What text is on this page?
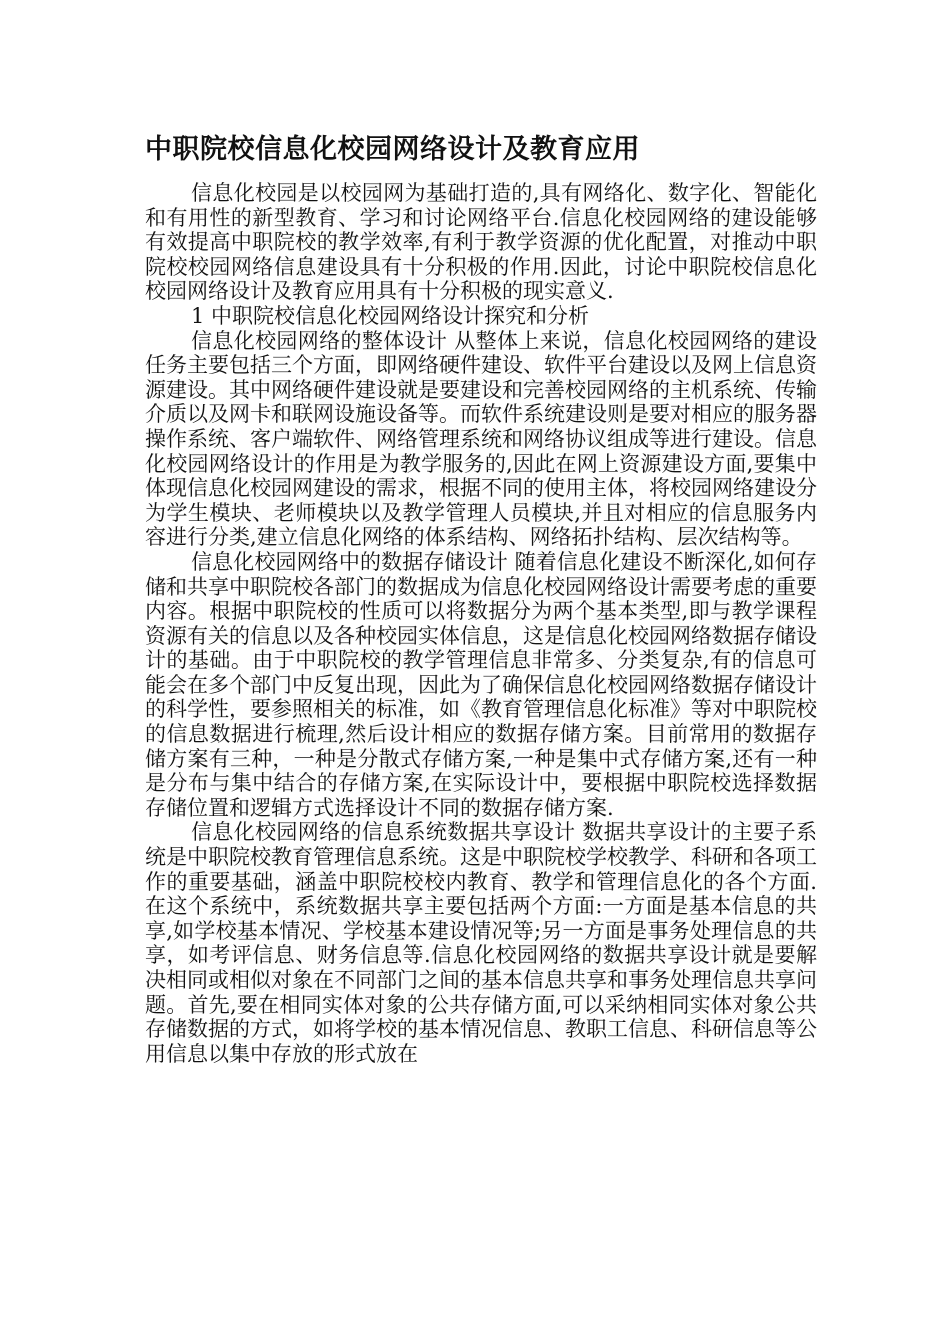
中职院校信息化校园网络设计及教育应用

信息化校园是以校园网为基础打造的,具有网络化、数字化、智能化和有用性的新型教育、学习和讨论网络平台.信息化校园网络的建设能够有效提高中职院校的教学效率,有利于教学资源的优化配置，对推动中职院校校园网络信息建设具有十分积极的作用.因此，讨论中职院校信息化校园网络设计及教育应用具有十分积极的现实意义.

1 中职院校信息化校园网络设计探究和分析

信息化校园网络的整体设计 从整体上来说，信息化校园网络的建设任务主要包括三个方面，即网络硬件建设、软件平台建设以及网上信息资源建设。其中网络硬件建设就是要建设和完善校园网络的主机系统、传输介质以及网卡和联网设施设备等。而软件系统建设则是要对相应的服务器操作系统、客户端软件、网络管理系统和网络协议组成等进行建设。信息化校园网络设计的作用是为教学服务的,因此在网上资源建设方面,要集中体现信息化校园网建设的需求，根据不同的使用主体，将校园网络建设分为学生模块、老师模块以及教学管理人员模块,并且对相应的信息服务内容进行分类,建立信息化网络的体系结构、网络拓扑结构、层次结构等。

信息化校园网络中的数据存储设计 随着信息化建设不断深化,如何存储和共享中职院校各部门的数据成为信息化校园网络设计需要考虑的重要内容。根据中职院校的性质可以将数据分为两个基本类型,即与教学课程资源有关的信息以及各种校园实体信息，这是信息化校园网络数据存储设计的基础。由于中职院校的教学管理信息非常多、分类复杂,有的信息可能会在多个部门中反复出现，因此为了确保信息化校园网络数据存储设计的科学性，要参照相关的标准，如《教育管理信息化标准》等对中职院校的信息数据进行梳理,然后设计相应的数据存储方案。目前常用的数据存储方案有三种，一种是分散式存储方案,一种是集中式存储方案,还有一种是分布与集中结合的存储方案,在实际设计中，要根据中职院校选择数据存储位置和逻辑方式选择设计不同的数据存储方案.

信息化校园网络的信息系统数据共享设计 数据共享设计的主要子系统是中职院校教育管理信息系统。这是中职院校学校教学、科研和各项工作的重要基础，涵盖中职院校校内教育、教学和管理信息化的各个方面.在这个系统中，系统数据共享主要包括两个方面:一方面是基本信息的共享,如学校基本情况、学校基本建设情况等;另一方面是事务处理信息的共享，如考评信息、财务信息等.信息化校园网络的数据共享设计就是要解决相同或相似对象在不同部门之间的基本信息共享和事务处理信息共享问题。首先,要在相同实体对象的公共存储方面,可以采纳相同实体对象公共存储数据的方式，如将学校的基本情况信息、教职工信息、科研信息等公用信息以集中存放的形式放在
